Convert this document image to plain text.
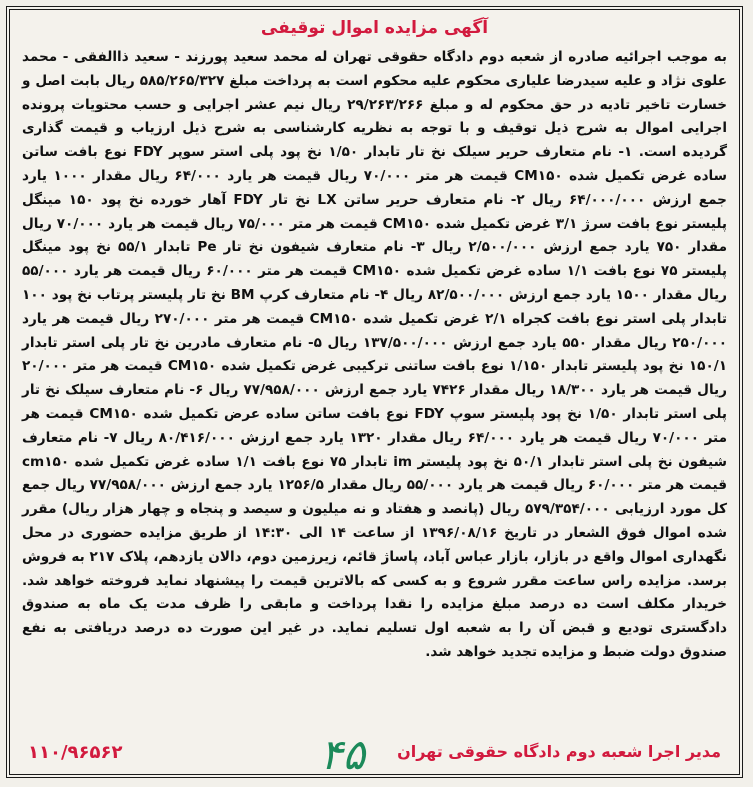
آگهی مزایده اموال توقیفی

به موجب اجرائیه صادره از شعبه دوم دادگاه حقوقی تهران له محمد سعید پورزند - سعید ذاالفقی - محمد علوی نژاد و علیه سیدرضا علیاری محکوم علیه محکوم است به پرداخت مبلغ ۵۸۵/۲۶۵/۳۲۷ ریال بابت اصل و خسارت تاخیر تادیه در حق محکوم له و مبلغ ۲۹/۲۶۳/۲۶۶ ریال نیم عشر اجرایی و حسب محتویات پرونده اجرایی اموال به شرح ذیل توقیف و با توجه به نظریه کارشناسی به شرح ذیل ارزیاب و قیمت گذاری گردیده است. ۱- نام متعارف حریر سیلک نخ تار تابدار ۱/۵۰ نخ پود پلی استر سوپر FDY نوع بافت ساتن ساده غرض تکمیل شده CM۱۵۰ قیمت هر متر ۷۰/۰۰۰ ریال قیمت هر یارد ۶۴/۰۰۰ ریال مقدار ۱۰۰۰ یارد جمع ارزش ۶۴/۰۰۰/۰۰۰ ریال ۲- نام متعارف حریر ساتن LX نخ تار FDY آهار خورده نخ پود ۱۵۰ مینگل پلیستر نوع بافت سرژ ۳/۱ غرض تکمیل شده CM۱۵۰ قیمت هر متر ۷۵/۰۰۰ ریال قیمت هر یارد ۷۰/۰۰۰ ریال مقدار ۷۵۰ یارد جمع ارزش ۲/۵۰۰/۰۰۰ ریال ۳- نام متعارف شیفون نخ تار Pe تابدار ۵۵/۱ نخ پود مینگل پلیستر ۷۵ نوع بافت ۱/۱ ساده غرض تکمیل شده CM۱۵۰ قیمت هر متر ۶۰/۰۰۰ ریال قیمت هر یارد ۵۵/۰۰۰ ریال مقدار ۱۵۰۰ یارد جمع ارزش ۸۲/۵۰۰/۰۰۰ ریال ۴- نام متعارف کرپ BM نخ تار پلیستر پرتاب نخ پود ۱۰۰ تابدار پلی استر نوع بافت کجراه ۲/۱ غرض تکمیل شده CM۱۵۰ قیمت هر متر ۲۷۰/۰۰۰ ریال قیمت هر یارد ۲۵۰/۰۰۰ ریال مقدار ۵۵۰ یارد جمع ارزش ۱۳۷/۵۰۰/۰۰۰ ریال ۵- نام متعارف مادرین نخ تار پلی استر تابدار ۱۵۰/۱ نخ پود پلیستر تابدار ۱/۱۵۰ نوع بافت ساتنی ترکیبی غرض تکمیل شده CM۱۵۰ قیمت هر متر ۲۰/۰۰۰ ریال قیمت هر یارد ۱۸/۳۰۰ ریال مقدار ۷۴۲۶ یارد جمع ارزش ۷۷/۹۵۸/۰۰۰ ریال ۶- نام متعارف سیلک نخ تار پلی استر تابدار ۱/۵۰ نخ پود پلیستر سوپ FDY نوع بافت ساتن ساده عرض تکمیل شده CM۱۵۰ قیمت هر متر ۷۰/۰۰۰ ریال قیمت هر یارد ۶۴/۰۰۰ ریال مقدار ۱۳۲۰ یارد جمع ارزش ۸۰/۴۱۶/۰۰۰ ریال ۷- نام متعارف شیفون نخ پلی استر تابدار ۵۰/۱ نخ پود پلیستر im تابدار ۷۵ نوع بافت ۱/۱ ساده غرض تکمیل شده cm۱۵۰ قیمت هر متر ۶۰/۰۰۰ ریال قیمت هر یارد ۵۵/۰۰۰ ریال مقدار ۱۲۵۶/۵ یارد جمع ارزش ۷۷/۹۵۸/۰۰۰ ریال جمع کل مورد ارزیابی ۵۷۹/۳۵۴/۰۰۰ ریال (پانصد و هفتاد و نه میلیون و سیصد و پنجاه و چهار هزار ریال) مقرر شده اموال فوق الشعار در تاریخ ۱۳۹۶/۰۸/۱۶ از ساعت ۱۴ الی ۱۴:۳۰ از طریق مزایده حضوری در محل نگهداری اموال واقع در بازار، بازار عباس آباد، پاساژ قائم، زیرزمین دوم، دالان یازدهم، پلاک ۲۱۷ به فروش برسد. مزایده راس ساعت مقرر شروع و به کسی که بالاترین قیمت را پیشنهاد نماید فروخته خواهد شد. خریدار مکلف است ده درصد مبلغ مزایده را نقدا پرداخت و مابقی را ظرف مدت یک ماه به صندوق دادگستری تودیع و قبض آن را به شعبه اول تسلیم نماید. در غیر این صورت ده درصد دریافتی به نفع صندوق دولت ضبط و مزایده تجدید خواهد شد.

۱۱۰/۹۶۵۶۲	۴۵ مدیر اجرا شعبه دوم دادگاه حقوقی تهران
